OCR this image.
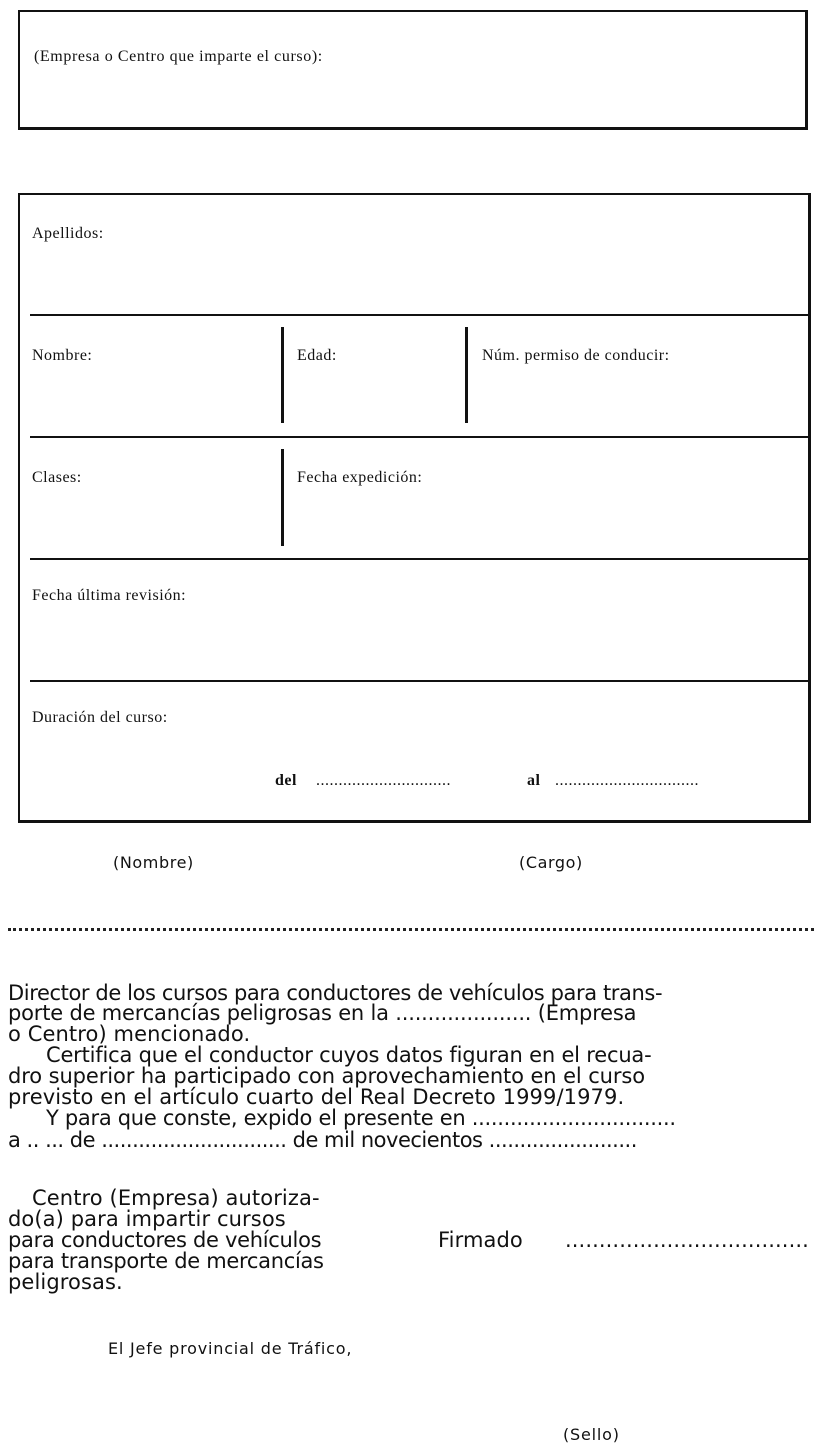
(Empresa o Centro que imparte el curso):
Apellidos:
Nombre:	Edad:	Núm. permiso de conducir:
Clases:	Fecha expedición:
Fecha última revisión:
Duración del curso:
del ..............................	al ................................
(Nombre)	(Cargo)
Director de los cursos para conductores de vehículos para trans-
porte de mercancías peligrosas en la ..................... (Empresa
o Centro) mencionado.
Certifica que el conductor cuyos datos figuran en el recua-
dro superior ha participado con aprovechamiento en el curso
previsto en el artículo cuarto del Real Decreto 1999/1979.
Y para que conste, expido el presente en ................................
a .. ... de .............................. de mil novecientos ........................
Centro (Empresa) autoriza-
do(a) para impartir cursos
para conductores de vehículos
para transporte de mercancías
peligrosas.
Firmado ....................................
El Jefe provincial de Tráfico,
(Sello)
